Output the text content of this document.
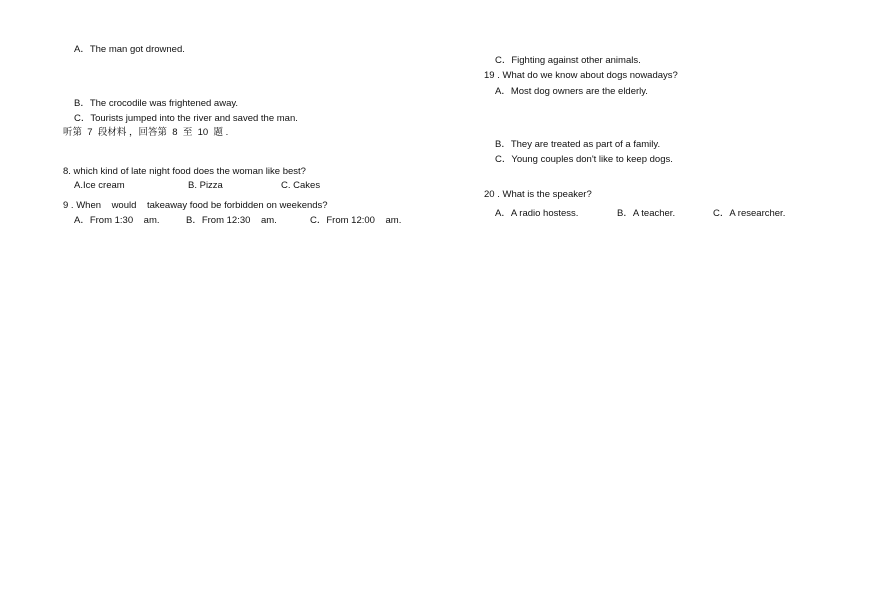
A．The man got drowned.
B．The crocodile was frightened away.
C．Tourists jumped into the river and saved the man.
听第  7  段材料 ，回答第  8  至  10  题 .
8. which kind of late night food does the woman like best?
A.Ice cream	B. Pizza	C. Cakes
9 . When    would    takeaway food be forbidden on weekends?
A．From 1:30    am.	B．From 12:30    am.	C．From 12:00    am.
C．Fighting against other animals.
19 . What do we know about dogs nowadays?
A．Most dog owners are the elderly.
B．They are treated as part of a family.
C．Young couples don't like to keep dogs.
20 . What is the speaker?
A．A radio hostess.	B．A teacher.	C．A researcher.
